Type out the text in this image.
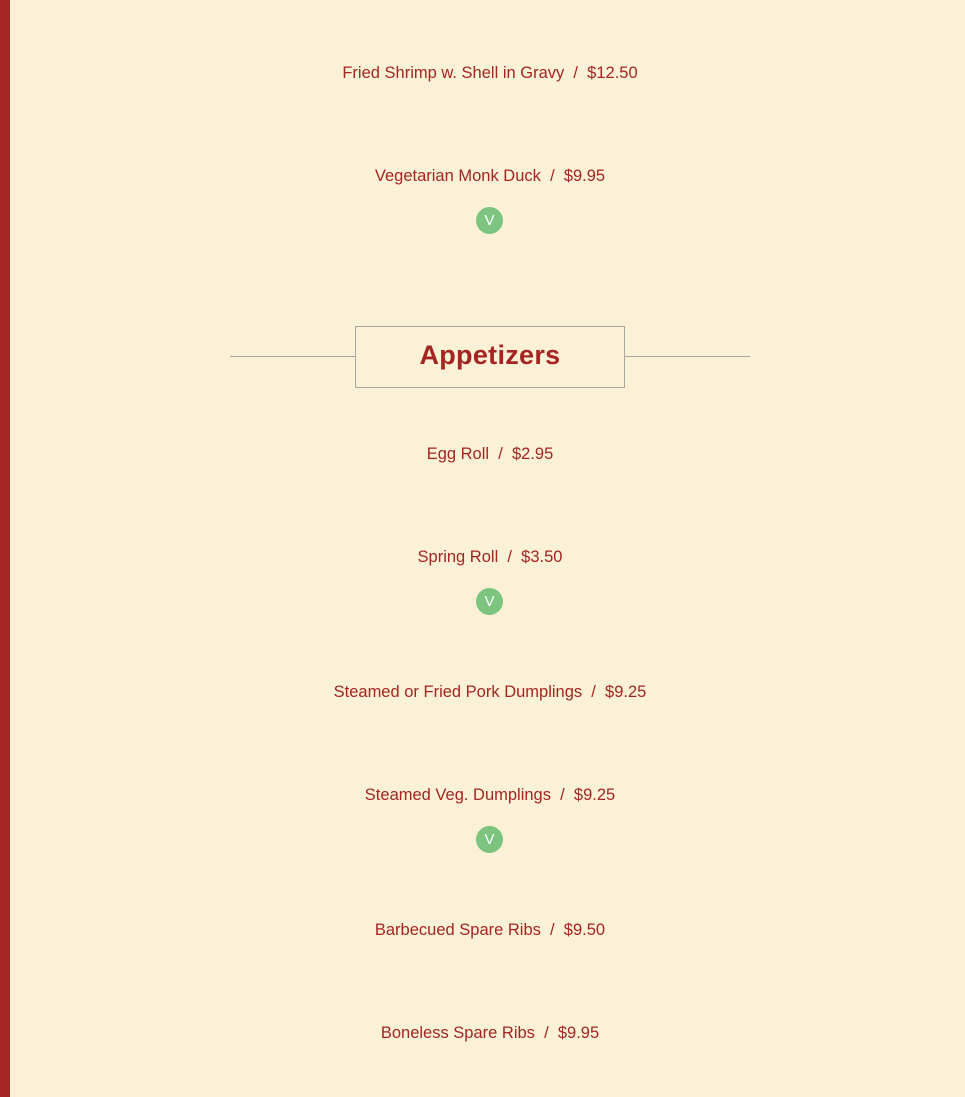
Fried Shrimp w. Shell in Gravy  /  $12.50
Vegetarian Monk Duck  /  $9.95
V
Appetizers
Egg Roll  /  $2.95
Spring Roll  /  $3.50
V
Steamed or Fried Pork Dumplings  /  $9.25
Steamed Veg. Dumplings  /  $9.25
V
Barbecued Spare Ribs  /  $9.50
Boneless Spare Ribs  /  $9.95
